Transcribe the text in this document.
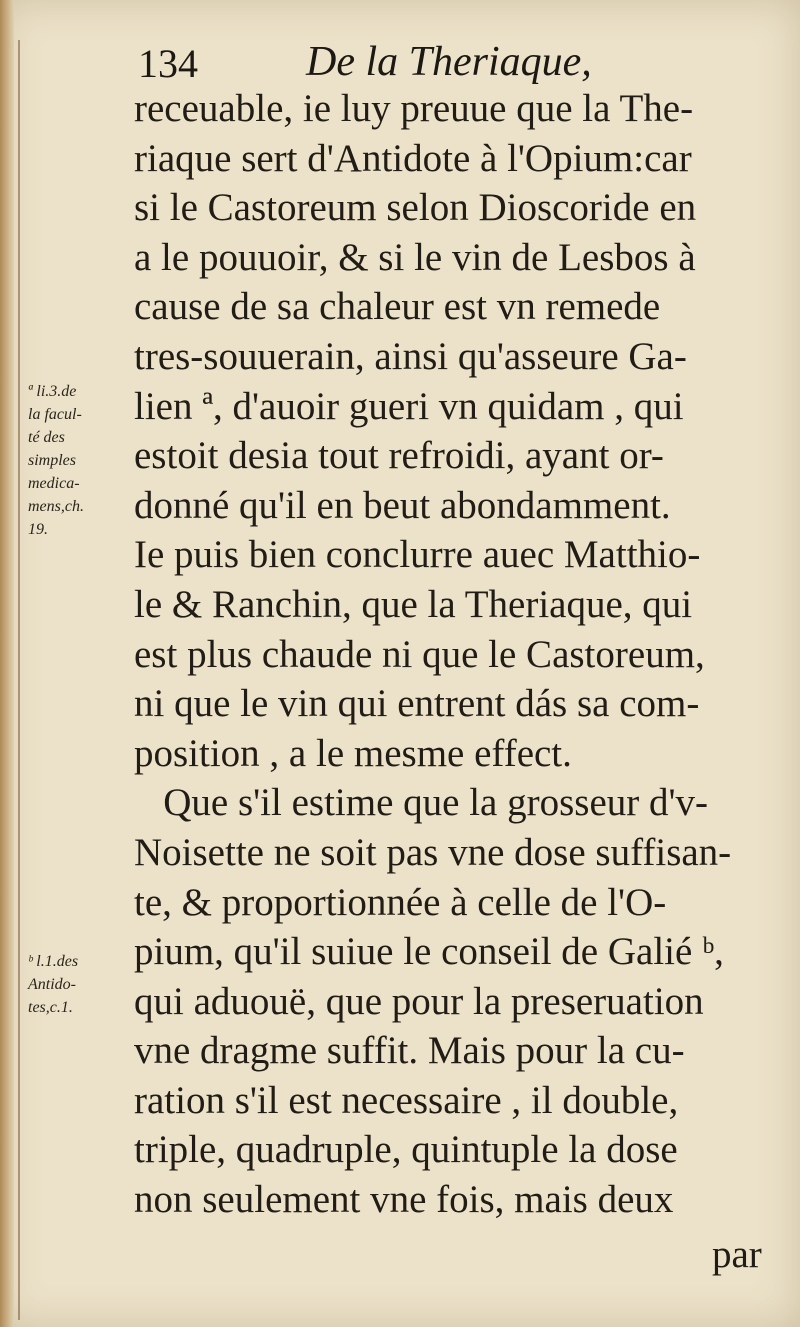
134	De la Theriaque,
receuable, ie luy preuue que la The-
riaque sert d'Antidote à l'Opium:car
si le Castoreum selon Dioscoride en
a le pouuoir, & si le vin de Lesbos à
cause de sa chaleur est vn remede
tres-souuerain, ainsi qu'asseure Ga-
lien ª, d'auoir gueri vn quidam , qui
estoit desia tout refroidi, ayant or-
donné qu'il en beut abondamment.
Ie puis bien conclurre auec Matthio-
le & Ranchin, que la Theriaque, qui
est plus chaude ni que le Castoreum,
ni que le vin qui entrent dás sa com-
position , a le mesme effect.
Que s'il estime que la grosseur d'v-
Noisette ne soit pas vne dose suffisan-
te, & proportionnée à celle de l'O-
pium, qu'il suiue le conseil de Galié ᵇ,
qui aduouë, que pour la preseruation
vne dragme suffit. Mais pour la cu-
ration s'il est necessaire , il double,
triple, quadruple, quintuple la dose
non seulement vne fois, mais deux
par
ª li.3.de
la facul-
té des
simples
medica-
mens,ch.
19.
ᵇ l.1.des
Antido-
tes,c.1.
